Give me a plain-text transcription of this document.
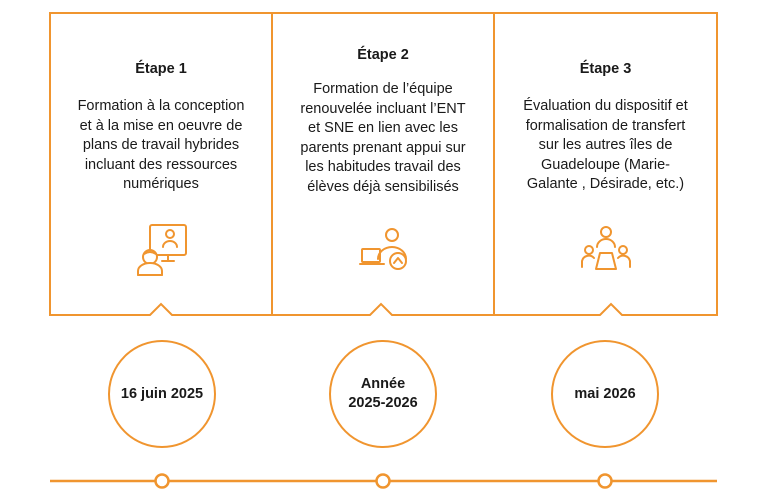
Étape 1
Formation à la conception
et à la mise en oeuvre de
plans de travail hybrides
incluant des ressources
numériques
Étape 2
Formation de l’équipe
renouvelée incluant l’ENT
et SNE en lien avec les
parents prenant appui sur
les habitudes travail des
élèves déjà sensibilisés
Étape 3
Évaluation du dispositif et
formalisation de transfert
sur les autres îles de
Guadeloupe (Marie-
Galante , Désirade, etc.)
16 juin 2025
Année
2025-2026
mai 2026
